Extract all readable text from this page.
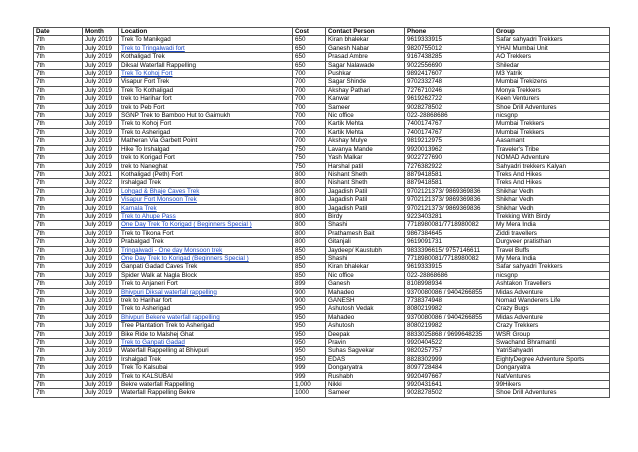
Date	Month	Location	Cost	Contact Person	Phone	Group
7th	July 2019	Trek To Manikgad	650	Kiran bhalekar	9619333915	Safar sahyadri Trekkers
7th	July 2019	Trek to Tringalwadi fort	650	Ganesh Nabar	9820755012	YHAI Mumbai Unit
7th	July 2019	Kothaligad Trek	650	Prasad Ambre	9167438285	AO Trekkers
7th	July 2019	Diksal Waterfall Rappelling	650	Sagar Nalawade	9022556690	Shiledar
7th	July 2019	Trek To Kohoj Fort	700	Pushkar	9892417607	M3 Yatrik
7th	July 2019	Visapur Fort Trek	700	Sagar Shinde	9702332748	Mumbai Trekizens
7th	July 2019	Trek To Kothaligad	700	Akshay Pathari	7276710246	Monya Trekkers
7th	July 2019	trek to Harihar fort	700	Kanwar	9619262722	Keen Venturers
7th	July 2019	trek to Peb Fort	700	Sameer	9028278502	Shoe Drill Adventures
7th	July 2019	SGNP Trek to Bamboo Hut to Gaimukh	700	Nic office	022-28868686	nicsgnp
7th	July 2019	Trek to Kohoj Fort	700	Kartik Mehta	7400174767	Mumbai Trekkers
7th	July 2019	Trek to Asherigad	700	Kartik Mehta	7400174767	Mumbai Trekkers
7th	July 2019	Matheran Via Garbett Point	700	Akshay Mulye	9819212975	Aasamant
7th	July 2019	Hike To Irshalgad	750	Lavanya Mande	9920013962	Traveler's Tribe
7th	July 2019	trek to Korigad Fort	750	Yash Malkar	9022727690	NOMAD Adventure
7th	July 2019	trek to Naneghat	750	Harshal patil	7276382922	Sahyadri trekkers Kalyan
7th	July 2021	Kothaligad (Peth) Fort	800	Nishant Sheth	8879418581	Treks And Hikes
7th	July 2022	Irshalgad Trek	800	Nishant Sheth	8879418581	Treks And Hikes
7th	July 2019	Lohgad & Bhaje Caves Trek	800	Jagadish Patil	9702121373/ 9869369836	Shikhar Vedh
7th	July 2019	Visapur Fort Monsoon Trek	800	Jagadish Patil	9702121373/ 9869369836	Shikhar Vedh
7th	July 2019	Karnala Trek	800	Jagadish Patil	9702121373/ 9869369836	Shikhar Vedh
7th	July 2019	Trek to Ahupe Pass	800	Birdy	9223403281	Trekking With Birdy
7th	July 2019	One Day Trek To Korigad ( Beginners Special )	800	Shashi	7718980081/7718980082	My Mera India
7th	July 2019	Trek to Tikona Fort	800	Prathamesh Bait	9867384645	Ziddi travellers
7th	July 2019	Prabalgad Trek	800	Gitanjali	9619091731	Durgveer pratisthan
7th	July 2019	Tringalwadi - One day Monsoon trek	850	Jaydeep/ Kaustubh	9833396615/ 9757146611	Travel Buffs
7th	July 2019	One Day Trek to Korigad (Beginners Special )	850	Shashi	7718980081/7718980082	My Mera India
7th	July 2019	Ganpati Gadad Caves Trek	850	Kiran bhalekar	9619333915	Safar sahyadri Trekkers
7th	July 2019	Spider Walk at Nagla Block	850	Nic office	022-28868686	nicsgnp
7th	July 2019	Trek to Anjaneri Fort	899	Ganesh	8108998934	Ashtakon Travellers
7th	July 2019	Bhivpuri Diksal waterfall rappelling	900	Mahadeo	9370080086 / 9404266855	Midas Adventure
7th	July 2019	trek to Harihar fort	900	GANESH	7738374948	Nomad Wanderers Life
7th	July 2019	Trek to Asherigad	950	Ashutosh Vedak	8080219982	Crazy Bugs
7th	July 2019	Bhivpuri Bekere waterfall rappelling	950	Mahadeo	9370080086 / 9404266855	Midas Adventure
7th	July 2019	Tree Plantation Trek to Asherigad	950	Ashutosh	8080219982	Crazy Trekkers
7th	July 2019	Bike Ride to Malshej Ghat	950	Deepak	8833025868 / 9699648235	WSR Group
7th	July 2019	Trek to Ganpati Gadad	950	Pravin	9920404522	Swachand Bhramanti
7th	July 2019	Waterfall Rappelling at Bhivpuri	950	Suhas Sagvekar	9820257757	YatriSahyadri
7th	July 2019	Irshalgad Trek	950	EDAS	8828302999	EightyDegree Adventure Sports
7th	July 2019	Trek To Kalsubai	999	Dongaryatra	8097728484	Dongaryatra
7th	July 2019	Trek to KALSUBAI	999	Rushabh	9920497667	NatVentures
7th	July 2019	Bekre waterfall Rappelling	1,000	Nikki	9920431641	99Hikers
7th	July 2019	Waterfall Rappelling Bekre	1000	Sameer	9028278502	Shoe Drill Adventures
